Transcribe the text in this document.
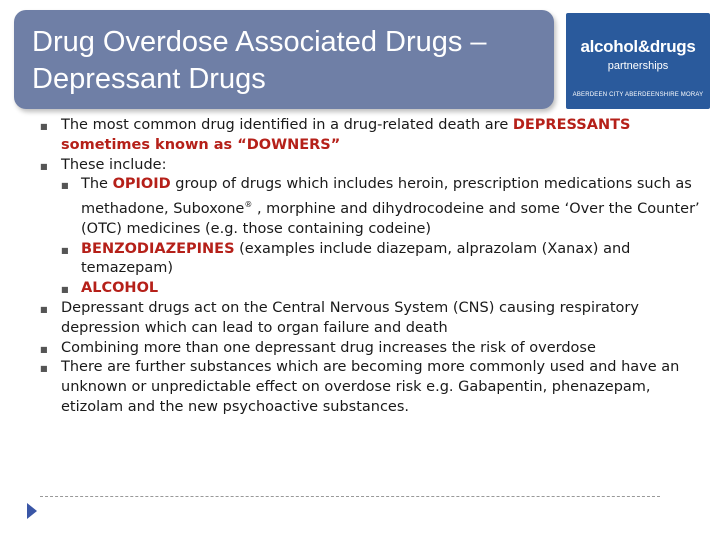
Drug Overdose Associated Drugs –
Depressant Drugs
alcohol&drugs
partnerships
ABERDEEN CITY ABERDEENSHIRE MORAY
■ The most common drug identified in a drug-related death are DEPRESSANTS sometimes known as “DOWNERS”
■ These include:
■ The OPIOID group of drugs which includes heroin, prescription medications such as methadone, Suboxone® , morphine and dihydrocodeine and some ‘Over the Counter’ (OTC) medicines (e.g. those containing codeine)
■ BENZODIAZEPINES (examples include diazepam, alprazolam (Xanax) and temazepam)
■ ALCOHOL
■ Depressant drugs act on the Central Nervous System (CNS) causing respiratory depression which can lead to organ failure and death
■ Combining more than one depressant drug increases the risk of overdose
■ There are further substances which are becoming more commonly used and have an unknown or unpredictable effect on overdose risk e.g. Gabapentin, phenazepam, etizolam and the new psychoactive substances.
